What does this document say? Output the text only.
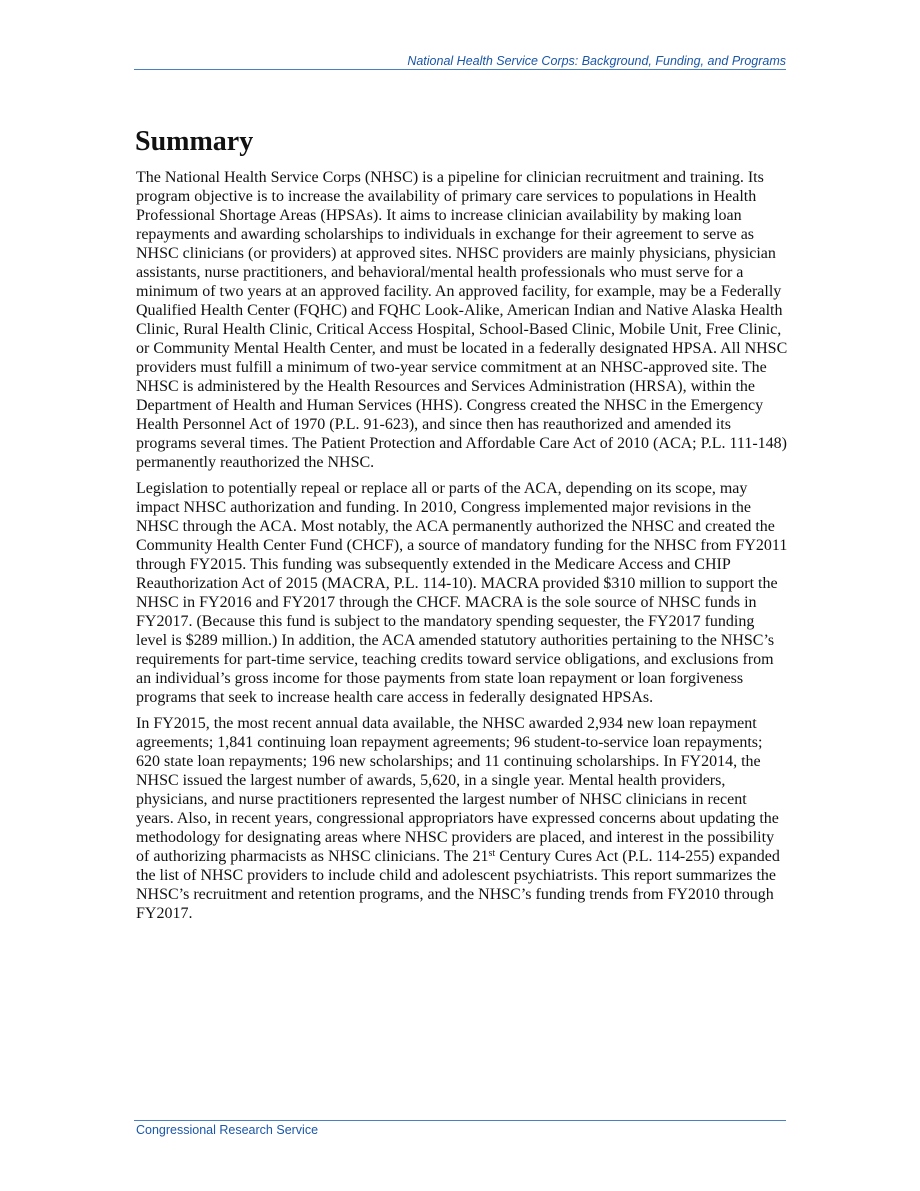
National Health Service Corps: Background, Funding, and Programs
Summary

The National Health Service Corps (NHSC) is a pipeline for clinician recruitment and training. Its program objective is to increase the availability of primary care services to populations in Health Professional Shortage Areas (HPSAs). It aims to increase clinician availability by making loan repayments and awarding scholarships to individuals in exchange for their agreement to serve as NHSC clinicians (or providers) at approved sites. NHSC providers are mainly physicians, physician assistants, nurse practitioners, and behavioral/mental health professionals who must serve for a minimum of two years at an approved facility. An approved facility, for example, may be a Federally Qualified Health Center (FQHC) and FQHC Look-Alike, American Indian and Native Alaska Health Clinic, Rural Health Clinic, Critical Access Hospital, School-Based Clinic, Mobile Unit, Free Clinic, or Community Mental Health Center, and must be located in a federally designated HPSA. All NHSC providers must fulfill a minimum of two-year service commitment at an NHSC-approved site. The NHSC is administered by the Health Resources and Services Administration (HRSA), within the Department of Health and Human Services (HHS). Congress created the NHSC in the Emergency Health Personnel Act of 1970 (P.L. 91-623), and since then has reauthorized and amended its programs several times. The Patient Protection and Affordable Care Act of 2010 (ACA; P.L. 111-148) permanently reauthorized the NHSC.

Legislation to potentially repeal or replace all or parts of the ACA, depending on its scope, may impact NHSC authorization and funding. In 2010, Congress implemented major revisions in the NHSC through the ACA. Most notably, the ACA permanently authorized the NHSC and created the Community Health Center Fund (CHCF), a source of mandatory funding for the NHSC from FY2011 through FY2015. This funding was subsequently extended in the Medicare Access and CHIP Reauthorization Act of 2015 (MACRA, P.L. 114-10). MACRA provided $310 million to support the NHSC in FY2016 and FY2017 through the CHCF. MACRA is the sole source of NHSC funds in FY2017. (Because this fund is subject to the mandatory spending sequester, the FY2017 funding level is $289 million.) In addition, the ACA amended statutory authorities pertaining to the NHSC’s requirements for part-time service, teaching credits toward service obligations, and exclusions from an individual’s gross income for those payments from state loan repayment or loan forgiveness programs that seek to increase health care access in federally designated HPSAs.

In FY2015, the most recent annual data available, the NHSC awarded 2,934 new loan repayment agreements; 1,841 continuing loan repayment agreements; 96 student-to-service loan repayments; 620 state loan repayments; 196 new scholarships; and 11 continuing scholarships. In FY2014, the NHSC issued the largest number of awards, 5,620, in a single year. Mental health providers, physicians, and nurse practitioners represented the largest number of NHSC clinicians in recent years. Also, in recent years, congressional appropriators have expressed concerns about updating the methodology for designating areas where NHSC providers are placed, and interest in the possibility of authorizing pharmacists as NHSC clinicians. The 21st Century Cures Act (P.L. 114-255) expanded the list of NHSC providers to include child and adolescent psychiatrists. This report summarizes the NHSC’s recruitment and retention programs, and the NHSC’s funding trends from FY2010 through FY2017.

Congressional Research Service
